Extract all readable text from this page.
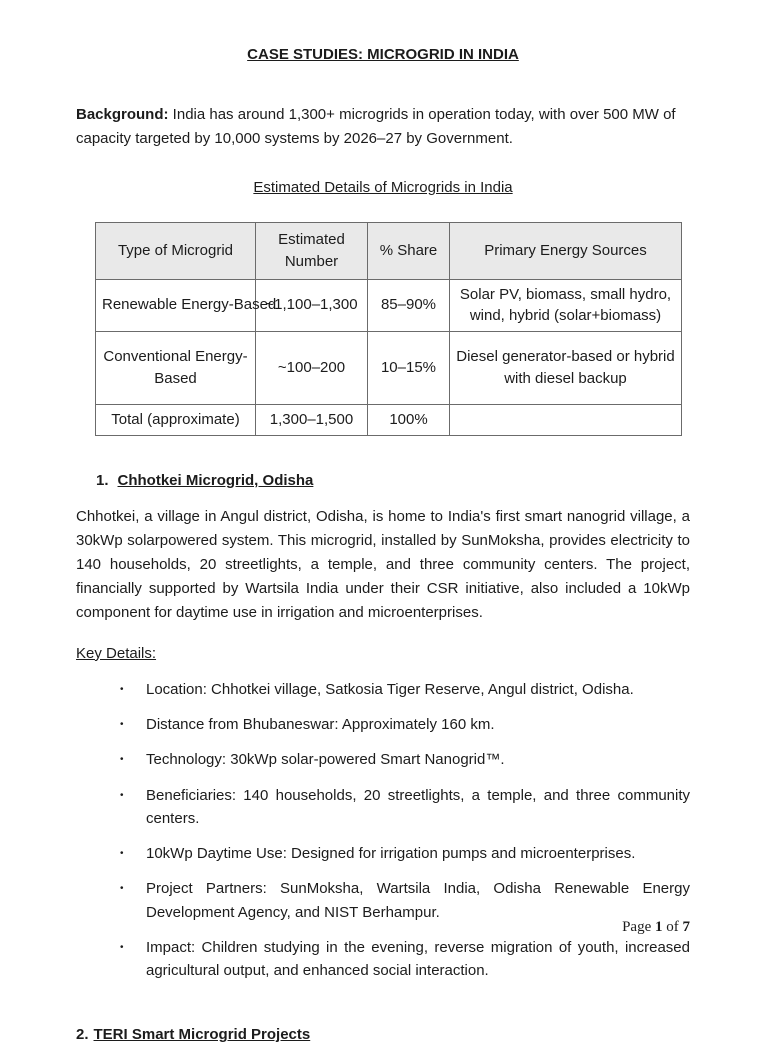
CASE STUDIES: MICROGRID IN INDIA

Background: India has around 1,300+ microgrids in operation today, with over 500 MW of capacity targeted by 10,000 systems by 2026–27 by Government.

Estimated Details of Microgrids in India
Type of Microgrid	Estimated Number	% Share	Primary Energy Sources
Renewable Energy-Based	~1,100–1,300	85–90%	Solar PV, biomass, small hydro, wind, hybrid (solar+biomass)
Conventional Energy-Based	~100–200	10–15%	Diesel generator-based or hybrid with diesel backup
Total (approximate)	1,300–1,500	100%	
1. Chhotkei Microgrid, Odisha

Chhotkei, a village in Angul district, Odisha, is home to India's first smart nanogrid village, a 30kWp solarpowered system. This microgrid, installed by SunMoksha, provides electricity to 140 households, 20 streetlights, a temple, and three community centers. The project, financially supported by Wartsila India under their CSR initiative, also included a 10kWp component for daytime use in irrigation and microenterprises.

Key Details:
•	Location: Chhotkei village, Satkosia Tiger Reserve, Angul district, Odisha.
•	Distance from Bhubaneswar: Approximately 160 km.
•	Technology: 30kWp solar-powered Smart Nanogrid™.
•	Beneficiaries: 140 households, 20 streetlights, a temple, and three community centers.
•	10kWp Daytime Use: Designed for irrigation pumps and microenterprises.
•	Project Partners: SunMoksha, Wartsila India, Odisha Renewable Energy Development Agency, and NIST Berhampur.
•	Impact: Children studying in the evening, reverse migration of youth, increased agricultural output, and enhanced social interaction.
2. TERI Smart Microgrid Projects
Page 1 of 7
